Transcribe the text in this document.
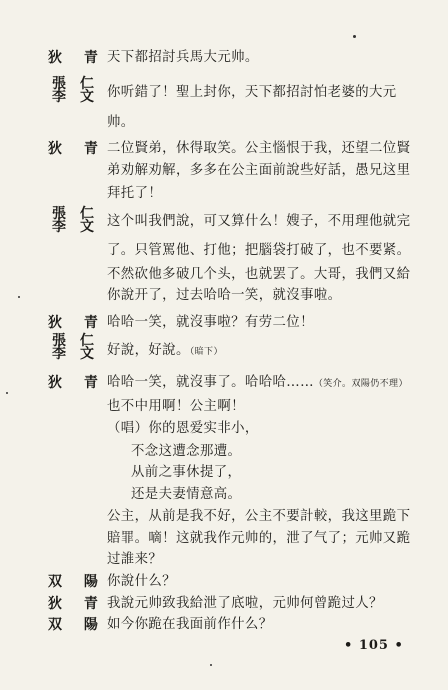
狄　 青 天下都招討兵馬大元帅。
張 仁
李 文 你听錯了！聖上封你，天下都招討怕老婆的大元
帅。
狄　 青 二位賢弟，休得取笑。公主惱恨于我，还望二位賢
弟劝解劝解，多多在公主面前說些好話，愚兄这里
拜托了！
張 仁
李 文 这个叫我們說，可又算什么！嫂子，不用理他就完
了。只管罵他、打他；把腦袋打破了，也不要紧。
不然砍他多破几个头，也就罢了。大哥，我們又給
你說开了，过去哈哈一笑，就沒事啦。
狄　 青 哈哈一笑，就沒事啦？有劳二位！
張 仁
李 文 好說，好說。（暗下）
狄　 青 哈哈一笑，就沒事了。哈哈哈……（笑介。双陽仍不理）
也不中用啊！公主啊！
（唱）你的恩爱实非小，
不念这遭念那遭。
从前之事休提了，
还是夫妻情意高。
公主，从前是我不好，公主不要計較，我这里跪下
賠罪。嘀！这就我作元帅的，泄了气了；元帅又跪
过誰来？
双　 陽 你說什么？
狄　 青 我說元帅致我給泄了底啦，元帅何曾跪过人？
双　 陽 如今你跪在我面前作什么？
• 105 •
